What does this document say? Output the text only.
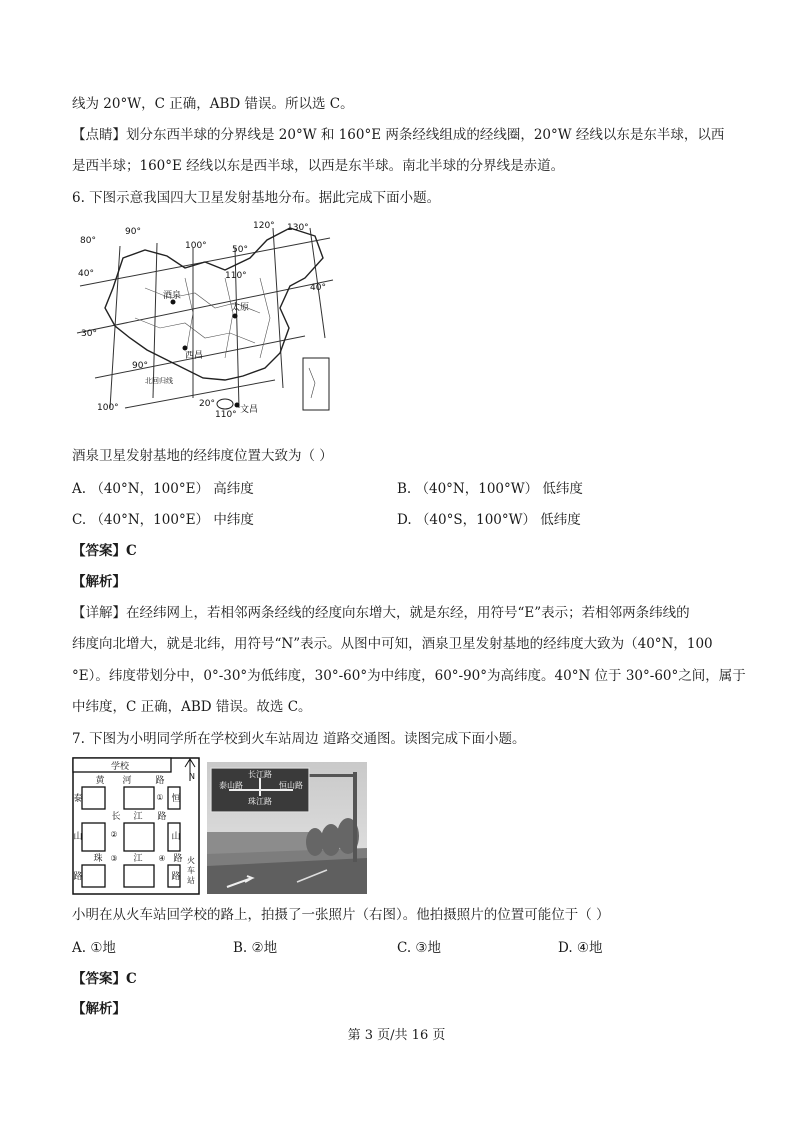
线为 20°W，C 正确，ABD 错误。所以选 C。
【点睛】划分东西半球的分界线是 20°W 和 160°E 两条经线组成的经线圈，20°W 经线以东是东半球，以西
是西半球；160°E 经线以东是西半球，以西是东半球。南北半球的分界线是赤道。
6. 下图示意我国四大卫星发射基地分布。据此完成下面小题。
80°
90°
100°
110°
120° 130°
100°
110°
90°
40°
30°
50°
40°
20°
酒泉
太原
西昌
文昌
北回归线
酒泉卫星发射基地的经纬度位置大致为（ ）
A. （40°N，100°E） 高纬度	B. （40°N，100°W） 低纬度
C. （40°N，100°E） 中纬度	D. （40°S，100°W） 低纬度
【答案】C
【解析】
【详解】在经纬网上，若相邻两条经线的经度向东增大，就是东经，用符号“E”表示；若相邻两条纬线的
纬度向北增大，就是北纬，用符号“N”表示。从图中可知，酒泉卫星发射基地的经纬度大致为（40°N，100
°E）。纬度带划分中，0°-30°为低纬度，30°-60°为中纬度，60°-90°为高纬度。40°N 位于 30°-60°之间，属于
中纬度，C 正确，ABD 错误。故选 C。
7. 下图为小明同学所在学校到火车站周边 道路交通图。读图完成下面小题。
学校
N
黄 河	路
泰	恒
长 江 路
山	山
珠	江	路
路	路
火
车
站
①
②
③	④
长江路
泰山路	恒山路
珠江路
小明在从火车站回学校的路上，拍摄了一张照片（右图）。他拍摄照片的位置可能位于（ ）
A. ①地	B. ②地	C. ③地	D. ④地
【答案】C
【解析】
第 3 页/共 16 页
